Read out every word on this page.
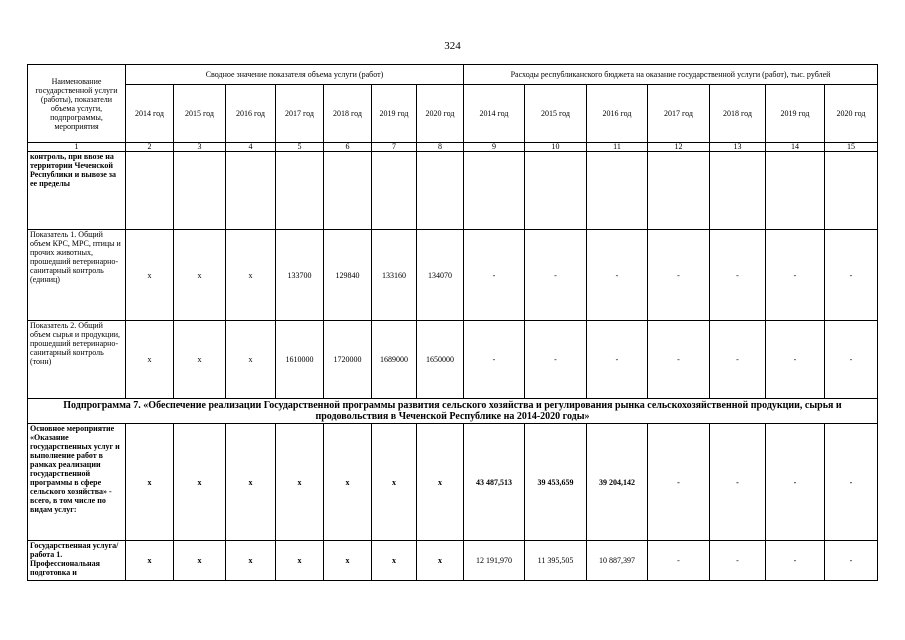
324
Наименование государственной услуги (работы), показатели объема услуги, подпрограммы, мероприятия	Сводное значение показателя объема услуги (работ)							Расходы республиканского бюджета на оказание государственной услуги (работ), тыс. рублей						
	2014 год	2015 год	2016 год	2017 год	2018 год	2019 год	2020 год	2014 год	2015 год	2016 год	2017 год	2018 год	2019 год	2020 год
1	2	3	4	5	6	7	8	9	10	11	12	13	14	15
контроль, при ввозе на территории Чеченской Республики и вывозе за ее пределы														
Показатель 1. Общий объем КРС, МРС, птицы и прочих животных, прошедший ветеринарно-санитарный контроль (единиц)	x	x	x	133700	129840	133160	134070	-	-	-	-	-	-	-
Показатель 2. Общий объем сырья и продукции, прошедший ветеринарно-санитарный контроль (тонн)	x	x	x	1610000	1720000	1689000	1650000	-	-	-	-	-	-	-
Подпрограмма 7. «Обеспечение реализации Государственной программы развития сельского хозяйства и регулирования рынка сельскохозяйственной продукции, сырья и продовольствия в Чеченской Республике на 2014-2020 годы»														
Основное мероприятие «Оказание государственных услуг и выполнение работ в рамках реализации государственной программы в сфере сельского хозяйства» - всего, в том числе по видам услуг:	x	x	x	x	x	x	x	43 487,513	39 453,659	39 204,142	-	-	-	-
Государственная услуга/работа 1. Профессиональная подготовка и	x	x	x	x	x	x	x	12 191,970	11 395,505	10 887,397	-	-	-	-
